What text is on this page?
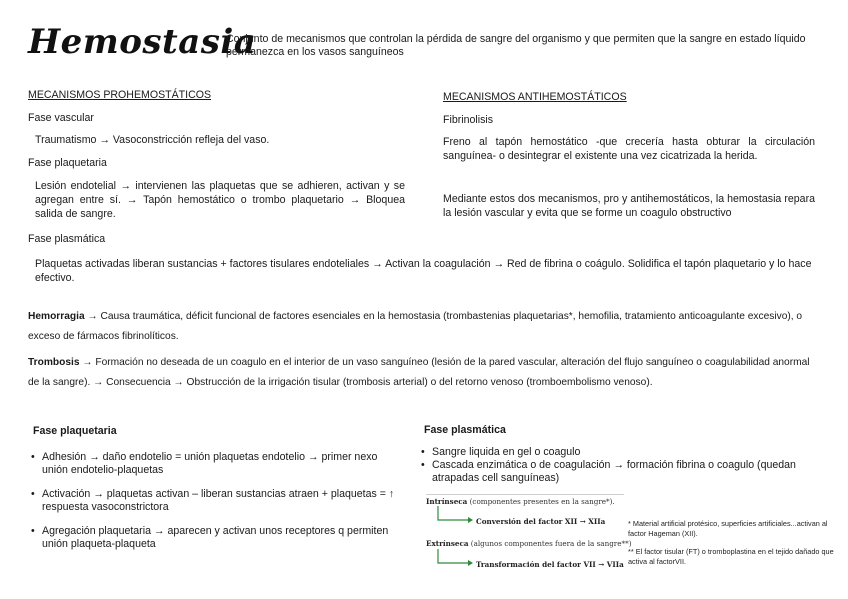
Hemostasia
Conjunto de mecanismos que controlan la pérdida de sangre del organismo y que permiten que la sangre en estado líquido permanezca en los vasos sanguíneos
MECANISMOS PROHEMOSTÁTICOS
Fase vascular
Traumatismo → Vasoconstricción refleja del vaso.
Fase plaquetaria
Lesión endotelial → intervienen las plaquetas que se adhieren, activan y se agregan entre sí. → Tapón hemostático o trombo plaquetario → Bloquea salida de sangre.
Fase plasmática
Plaquetas activadas liberan sustancias + factores tisulares endoteliales → Activan la coagulación → Red de fibrina o coágulo. Solidifica el tapón plaquetario y lo hace efectivo.
MECANISMOS ANTIHEMOSTÁTICOS
Fibrinolisis
Freno al tapón hemostático -que crecería hasta obturar la circulación sanguínea- o desintegrar el existente una vez cicatrizada la herida.
Mediante estos dos mecanismos, pro y antihemostáticos, la hemostasia repara la lesión vascular y evita que se forme un coagulo obstructivo
Hemorragia → Causa traumática, déficit funcional de factores esenciales en la hemostasia (trombastenias plaquetarias*, hemofilia, tratamiento anticoagulante excesivo), o exceso de fármacos fibrinolíticos.
Trombosis → Formación no deseada de un coagulo en el interior de un vaso sanguíneo (lesión de la pared vascular, alteración del flujo sanguíneo o coagulabilidad anormal de la sangre). → Consecuencia → Obstrucción de la irrigación tisular (trombosis arterial) o del retorno venoso (tromboembolismo venoso).
Fase plaquetaria
• Adhesión → daño endotelio = unión plaquetas endotelio → primer nexo unión endotelio-plaquetas
• Activación → plaquetas activan – liberan sustancias atraen + plaquetas = ↑ respuesta vasoconstrictora
• Agregación plaquetaria → aparecen y activan unos receptores q permiten unión plaqueta-plaqueta
Fase plasmática
• Sangre liquida en gel o coagulo
• Cascada enzimática o de coagulación → formación fibrina o coagulo (quedan atrapadas cell sanguíneas)
Intrínseca (componentes presentes en la sangre*).
Conversión del factor XII → XIIa
Extrínseca (algunos componentes fuera de la sangre**)
Transformación del factor VII → VIIa
* Material artificial protésico, superficies artificiales...activan al factor Hageman (XII).
** El factor tisular (FT) o tromboplastina en el tejido dañado que activa al factorVII.
